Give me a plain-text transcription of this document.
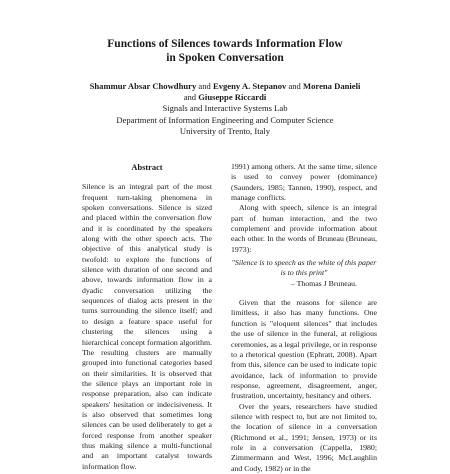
Functions of Silences towards Information Flow
in Spoken Conversation
Shammur Absar Chowdhury and Evgeny A. Stepanov and Morena Danieli
and Giuseppe Riccardi
Signals and Interactive Systems Lab
Department of Information Engineering and Computer Science
University of Trento, Italy
Abstract

Silence is an integral part of the most frequent turn-taking phenomena in spoken conversations. Silence is sized and placed within the conversation flow and it is coordinated by the speakers along with the other speech acts. The objective of this analytical study is twofold: to explore the functions of silence with duration of one second and above, towards information flow in a dyadic conversation utilizing the sequences of dialog acts present in the turns surrounding the silence itself; and to design a feature space useful for clustering the silences using a hierarchical concept formation algorithm. The resulting clusters are manually grouped into functional categories based on their similarities. It is observed that the silence plays an important role in response preparation, also can indicate speakers' hesitation or indecisiveness. It is also observed that sometimes long silences can be used deliberately to get a forced response from another speaker thus making silence a multi-functional and an important catalyst towards information flow.

1991) among others. At the same time, silence is used to convey power (dominance) (Saunders, 1985; Tannen, 1990), respect, and manage conflicts.

Along with speech, silence is an integral part of human interaction, and the two complement and provide information about each other. In the words of Bruneau (Bruneau, 1973):

"Silence is to speech as the white of this paper is to this print"
– Thomas J Bruneau.

Given that the reasons for silence are limitless, it also has many functions. One function is "eloquent silences" that includes the use of silence in the funeral, at religious ceremonies, as a legal privilege, or in response to a rhetorical question (Ephratt, 2008). Apart from this, silence can be used to indicate topic avoidance, lack of information to provide response, agreement, disagreement, anger, frustration, uncertainty, hesitancy and others.

Over the years, researchers have studied silence with respect to, but are not limited to, the location of silence in a conversation (Richmond et al., 1991; Jensen, 1973) or its role in a conversation (Cappella, 1980; Zimmermann and West, 1996; McLaughlin and Cody, 1982) or in the
